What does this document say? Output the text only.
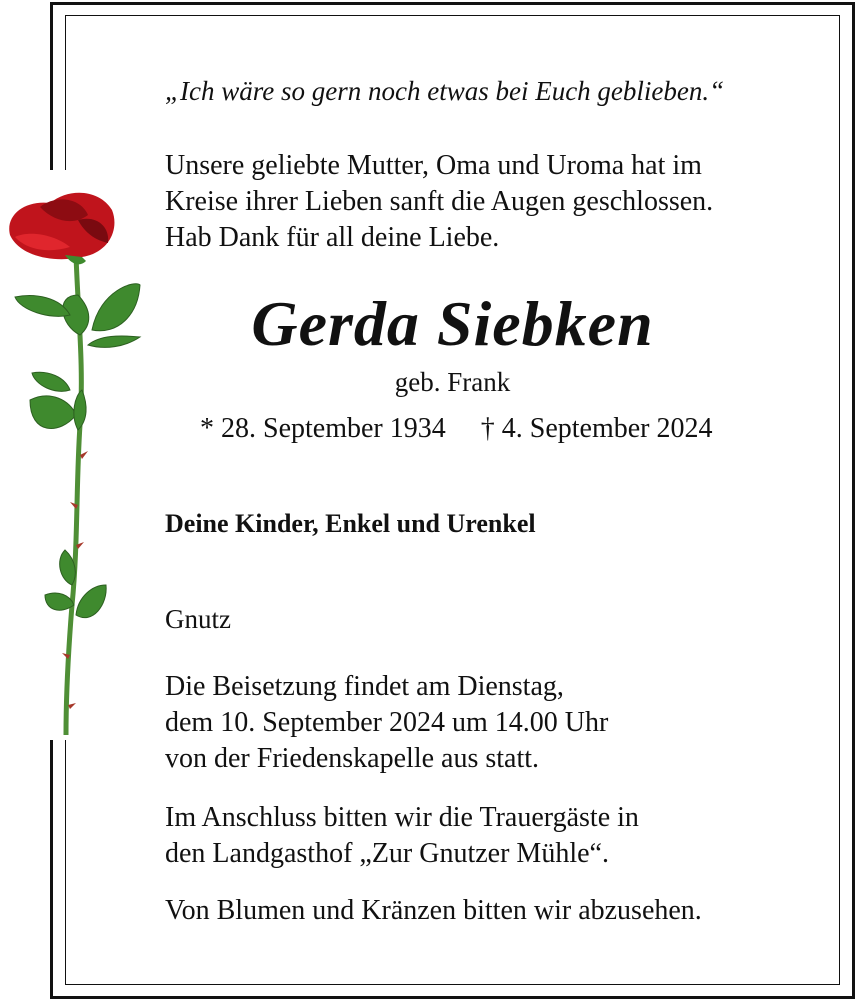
„Ich wäre so gern noch etwas bei Euch geblieben.“

Unsere geliebte Mutter, Oma und Uroma hat im
Kreise ihrer Lieben sanft die Augen geschlossen.
Hab Dank für all deine Liebe.

Gerda Siebken

geb. Frank

* 28. September 1934 † 4. September 2024

Deine Kinder, Enkel und Urenkel

Gnutz

Die Beisetzung findet am Dienstag,
dem 10. September 2024 um 14.00 Uhr
von der Friedenskapelle aus statt.

Im Anschluss bitten wir die Trauergäste in
den Landgasthof „Zur Gnutzer Mühle“.

Von Blumen und Kränzen bitten wir abzusehen.
